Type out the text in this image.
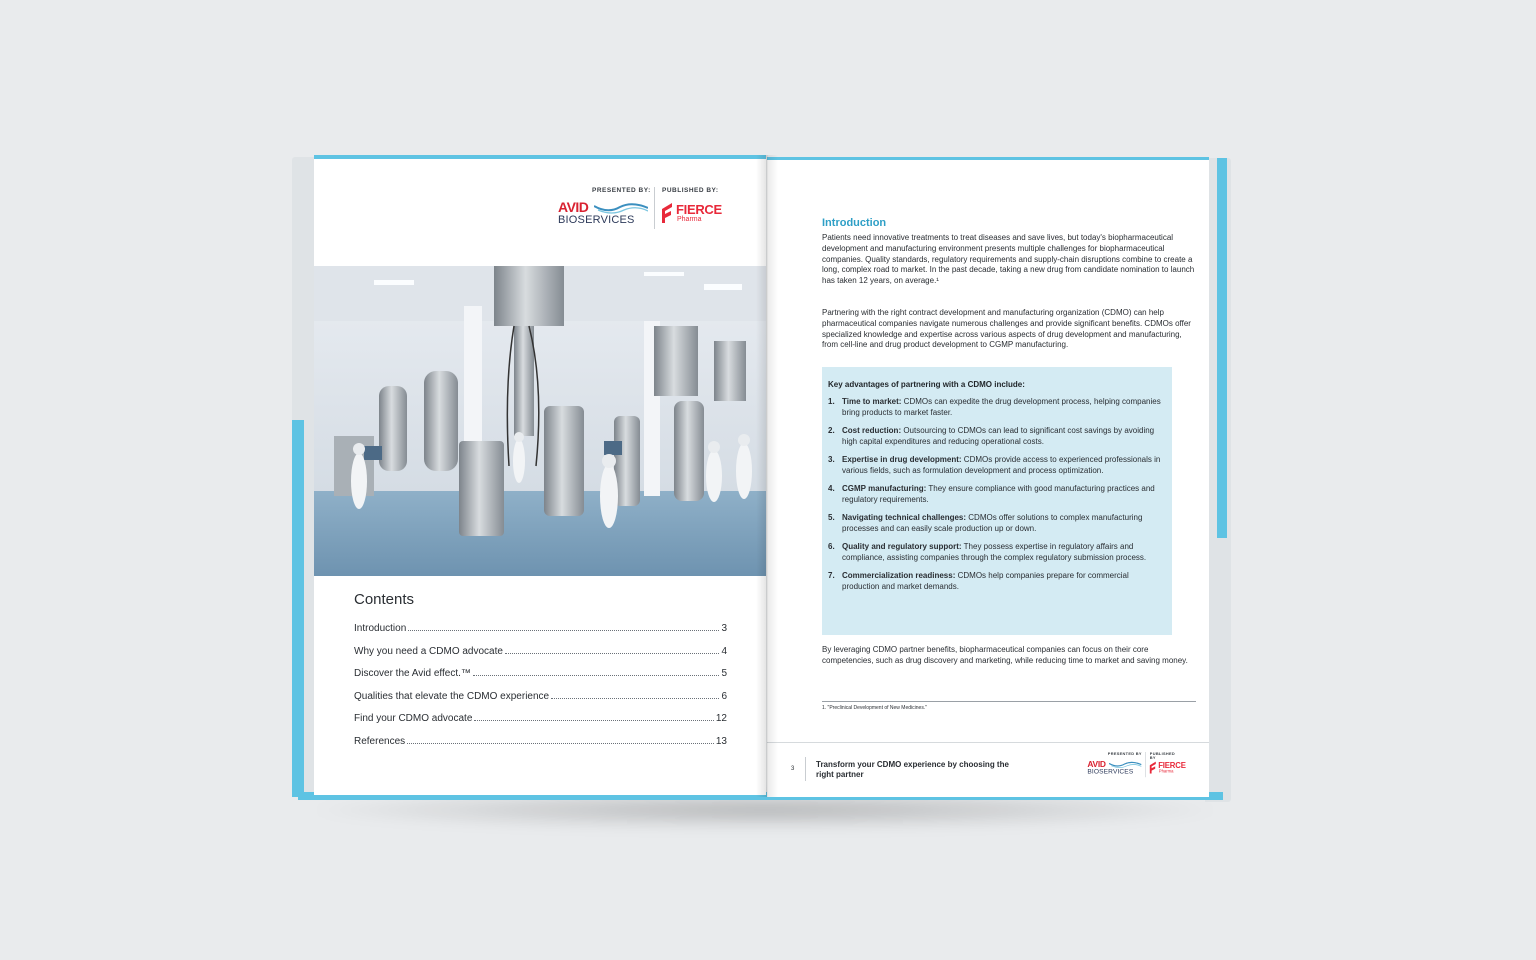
PRESENTED BY: PUBLISHED BY:
AVID
BIOSERVICES
FIERCE
Pharma
Contents
Introduction	3
Why you need a CDMO advocate	4
Discover the Avid effect.™	5
Qualities that elevate the CDMO experience	6
Find your CDMO advocate	12
References	13
Introduction
Patients need innovative treatments to treat diseases and save lives, but today's biopharmaceutical development and manufacturing environment presents multiple challenges for biopharmaceutical companies. Quality standards, regulatory requirements and supply-chain disruptions combine to create a long, complex road to market. In the past decade, taking a new drug from candidate nomination to launch has taken 12 years, on average.¹
Partnering with the right contract development and manufacturing organization (CDMO) can help pharmaceutical companies navigate numerous challenges and provide significant benefits. CDMOs offer specialized knowledge and expertise across various aspects of drug development and manufacturing, from cell-line and drug product development to CGMP manufacturing.
Key advantages of partnering with a CDMO include:
1. Time to market: CDMOs can expedite the drug development process, helping companies bring products to market faster.
2. Cost reduction: Outsourcing to CDMOs can lead to significant cost savings by avoiding high capital expenditures and reducing operational costs.
3. Expertise in drug development: CDMOs provide access to experienced professionals in various fields, such as formulation development and process optimization.
4. CGMP manufacturing: They ensure compliance with good manufacturing practices and regulatory requirements.
5. Navigating technical challenges: CDMOs offer solutions to complex manufacturing processes and can easily scale production up or down.
6. Quality and regulatory support: They possess expertise in regulatory affairs and compliance, assisting companies through the complex regulatory submission process.
7. Commercialization readiness: CDMOs help companies prepare for commercial production and market demands.
By leveraging CDMO partner benefits, biopharmaceutical companies can focus on their core competencies, such as drug discovery and marketing, while reducing time to market and saving money.
1. "Preclinical Development of New Medicines."
3	Transform your CDMO experience by choosing the right partner
PRESENTED BY PUBLISHED BY
AVID
BIOSERVICES
FIERCE
Pharma
